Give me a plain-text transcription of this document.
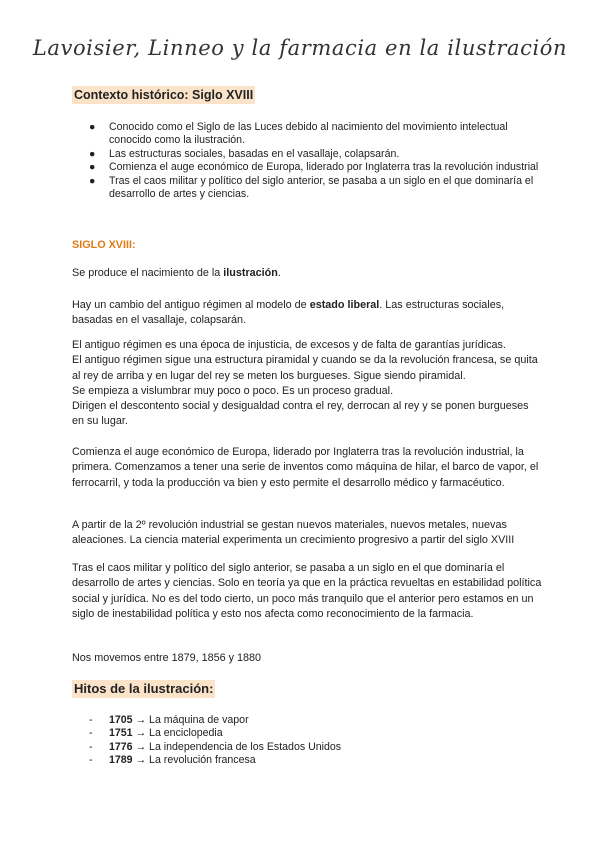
Lavoisier, Linneo y la farmacia en la ilustración
Contexto histórico: Siglo XVIII
● Conocido como el Siglo de las Luces debido al nacimiento del movimiento intelectual conocido como la ilustración.
● Las estructuras sociales, basadas en el vasallaje, colapsarán.
● Comienza el auge económico de Europa, liderado por Inglaterra tras la revolución industrial
● Tras el caos militar y político del siglo anterior, se pasaba a un siglo en el que dominaría el desarrollo de artes y ciencias.
SIGLO XVIII:

Se produce el nacimiento de la ilustración.

Hay un cambio del antiguo régimen al modelo de estado liberal. Las estructuras sociales, basadas en el vasallaje, colapsarán.

El antiguo régimen es una época de injusticia, de excesos y de falta de garantías jurídicas.
El antiguo régimen sigue una estructura piramidal y cuando se da la revolución francesa, se quita al rey de arriba y en lugar del rey se meten los burgueses. Sigue siendo piramidal.
Se empieza a vislumbrar muy poco o poco. Es un proceso gradual.
Dirigen el descontento social y desigualdad contra el rey, derrocan al rey y se ponen burgueses en su lugar.

Comienza el auge económico de Europa, liderado por Inglaterra tras la revolución industrial, la primera. Comenzamos a tener una serie de inventos como máquina de hilar, el barco de vapor, el ferrocarril, y toda la producción va bien y esto permite el desarrollo médico y farmacéutico.

A partir de la 2º revolución industrial se gestan nuevos materiales, nuevos metales, nuevas aleaciones. La ciencia material experimenta un crecimiento progresivo a partir del siglo XVIII

Tras el caos militar y político del siglo anterior, se pasaba a un siglo en el que dominaría el desarrollo de artes y ciencias. Solo en teoría ya que en la práctica revueltas en estabilidad política social y jurídica. No es del todo cierto, un poco más tranquilo que el anterior pero estamos en un siglo de inestabilidad política y esto nos afecta como reconocimiento de la farmacia.

Nos movemos entre 1879, 1856 y 1880

Hitos de la ilustración:
- 1705 → La máquina de vapor
- 1751 → La enciclopedia
- 1776 → La independencia de los Estados Unidos
- 1789 → La revolución francesa
